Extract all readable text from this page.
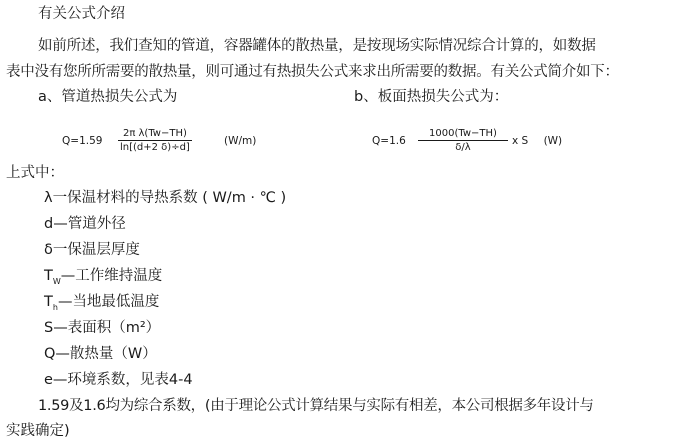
有关公式介绍
如前所述，我们查知的管道，容器罐体的散热量，是按现场实际情况综合计算的，如数据
表中没有您所所需要的散热量，则可通过有热损失公式来求出所需要的数据。有关公式简介如下：
a、管道热损失公式为
$Q=1.59 \frac{\text{2π λ(Tw−TH)}}{\ln[(d+2 \delta)\div d]}$	(W/m)
b、板面热损失公式为：
$Q=1.6 \frac{1000(Tw-TH)}{\delta/\lambda}$ x S (W)
上式中：
λ一保温材料的导热系数 ( W/m · ℃ )
d—管道外径
δ一保温层厚度
$T_W—$工作维持温度
$T_h—$当地最低温度
S—表面积（m²）
Q—散热量（W）
e—环境系数，见表4-4
1.59及1.6均为综合系数，(由于理论公式计算结果与实际有相差，本公司根据多年设计与
实践确定)
